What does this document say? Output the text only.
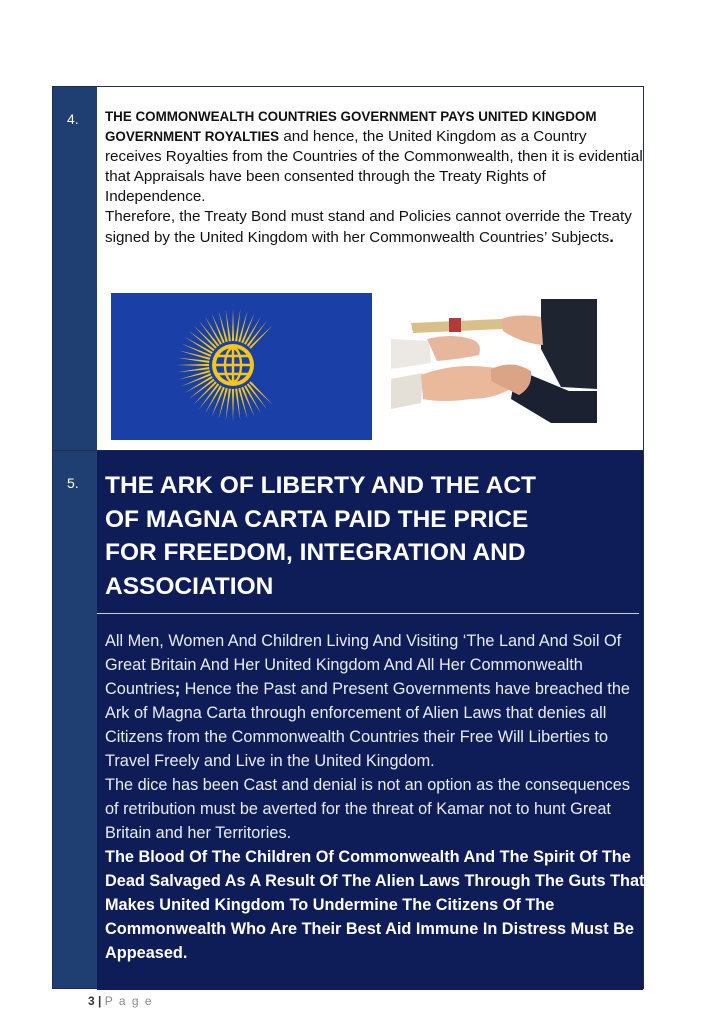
4. THE COMMONWEALTH COUNTRIES GOVERNMENT PAYS UNITED KINGDOM GOVERNMENT ROYALTIES and hence, the United Kingdom as a Country receives Royalties from the Countries of the Commonwealth, then it is evidential that Appraisals have been consented through the Treaty Rights of Independence.
Therefore, the Treaty Bond must stand and Policies cannot override the Treaty signed by the United Kingdom with her Commonwealth Countries’ Subjects.
5. THE ARK OF LIBERTY AND THE ACT
OF MAGNA CARTA PAID THE PRICE
FOR FREEDOM, INTEGRATION AND
ASSOCIATION
All Men, Women And Children Living And Visiting ‘The Land And Soil Of Great Britain And Her United Kingdom And All Her Commonwealth Countries; Hence the Past and Present Governments have breached the Ark of Magna Carta through enforcement of Alien Laws that denies all Citizens from the Commonwealth Countries their Free Will Liberties to Travel Freely and Live in the United Kingdom.
The dice has been Cast and denial is not an option as the consequences of retribution must be averted for the threat of Kamar not to hunt Great Britain and her Territories.
The Blood Of The Children Of Commonwealth And The Spirit Of The Dead Salvaged As A Result Of The Alien Laws Through The Guts That Makes United Kingdom To Undermine The Citizens Of The Commonwealth Who Are Their Best Aid Immune In Distress Must Be Appeased.
3 | P a g e
